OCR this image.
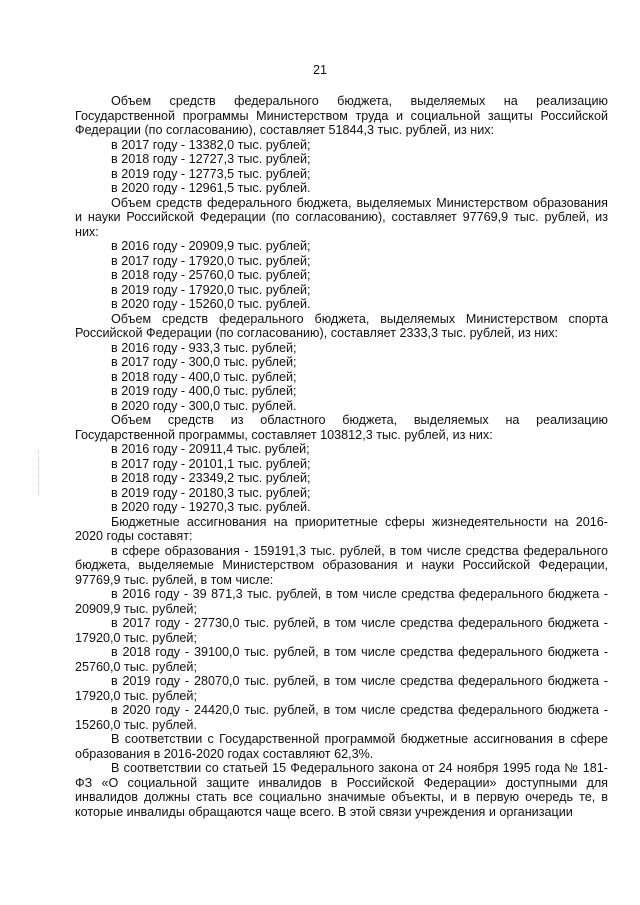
21

Объем средств федерального бюджета, выделяемых на реализацию Государственной программы Министерством труда и социальной защиты Российской Федерации (по согласованию), составляет 51844,3 тыс. рублей, из них:

в 2017 году - 13382,0 тыс. рублей;

в 2018 году - 12727,3 тыс. рублей;

в 2019 году - 12773,5 тыс. рублей;

в 2020 году - 12961,5 тыс. рублей.

Объем средств федерального бюджета, выделяемых Министерством образования и науки Российской Федерации (по согласованию), составляет 97769,9 тыс. рублей, из них:

в 2016 году - 20909,9 тыс. рублей;

в 2017 году - 17920,0 тыс. рублей;

в 2018 году - 25760,0 тыс. рублей;

в 2019 году - 17920,0 тыс. рублей;

в 2020 году - 15260,0 тыс. рублей.

Объем средств федерального бюджета, выделяемых Министерством спорта Российской Федерации (по согласованию), составляет 2333,3 тыс. рублей, из них:

в 2016 году - 933,3 тыс. рублей;

в 2017 году - 300,0 тыс. рублей;

в 2018 году - 400,0 тыс. рублей;

в 2019 году - 400,0 тыс. рублей;

в 2020 году - 300,0 тыс. рублей.

Объем средств из областного бюджета, выделяемых на реализацию Государственной программы, составляет 103812,3 тыс. рублей, из них:

в 2016 году - 20911,4 тыс. рублей;

в 2017 году - 20101,1 тыс. рублей;

в 2018 году - 23349,2 тыс. рублей;

в 2019 году - 20180,3 тыс. рублей;

в 2020 году - 19270,3 тыс. рублей.

Бюджетные ассигнования на приоритетные сферы жизнедеятельности на 2016-2020 годы составят:

в сфере образования - 159191,3 тыс. рублей, в том числе средства федерального бюджета, выделяемые Министерством образования и науки Российской Федерации, 97769,9 тыс. рублей, в том числе:

в 2016 году - 39 871,3 тыс. рублей, в том числе средства федерального бюджета - 20909,9 тыс. рублей;

в 2017 году - 27730,0 тыс. рублей, в том числе средства федерального бюджета - 17920,0 тыс. рублей;

в 2018 году - 39100,0 тыс. рублей, в том числе средства федерального бюджета - 25760,0 тыс. рублей;

в 2019 году - 28070,0 тыс. рублей, в том числе средства федерального бюджета - 17920,0 тыс. рублей;

в 2020 году - 24420,0 тыс. рублей, в том числе средства федерального бюджета - 15260,0 тыс. рублей.

В соответствии с Государственной программой бюджетные ассигнования в сфере образования в 2016-2020 годах составляют 62,3%.

В соответствии со статьей 15 Федерального закона от 24 ноября 1995 года № 181-ФЗ «О социальной защите инвалидов в Российской Федерации» доступными для инвалидов должны стать все социально значимые объекты, и в первую очередь те, в которые инвалиды обращаются чаще всего. В этой связи учреждения и организации
